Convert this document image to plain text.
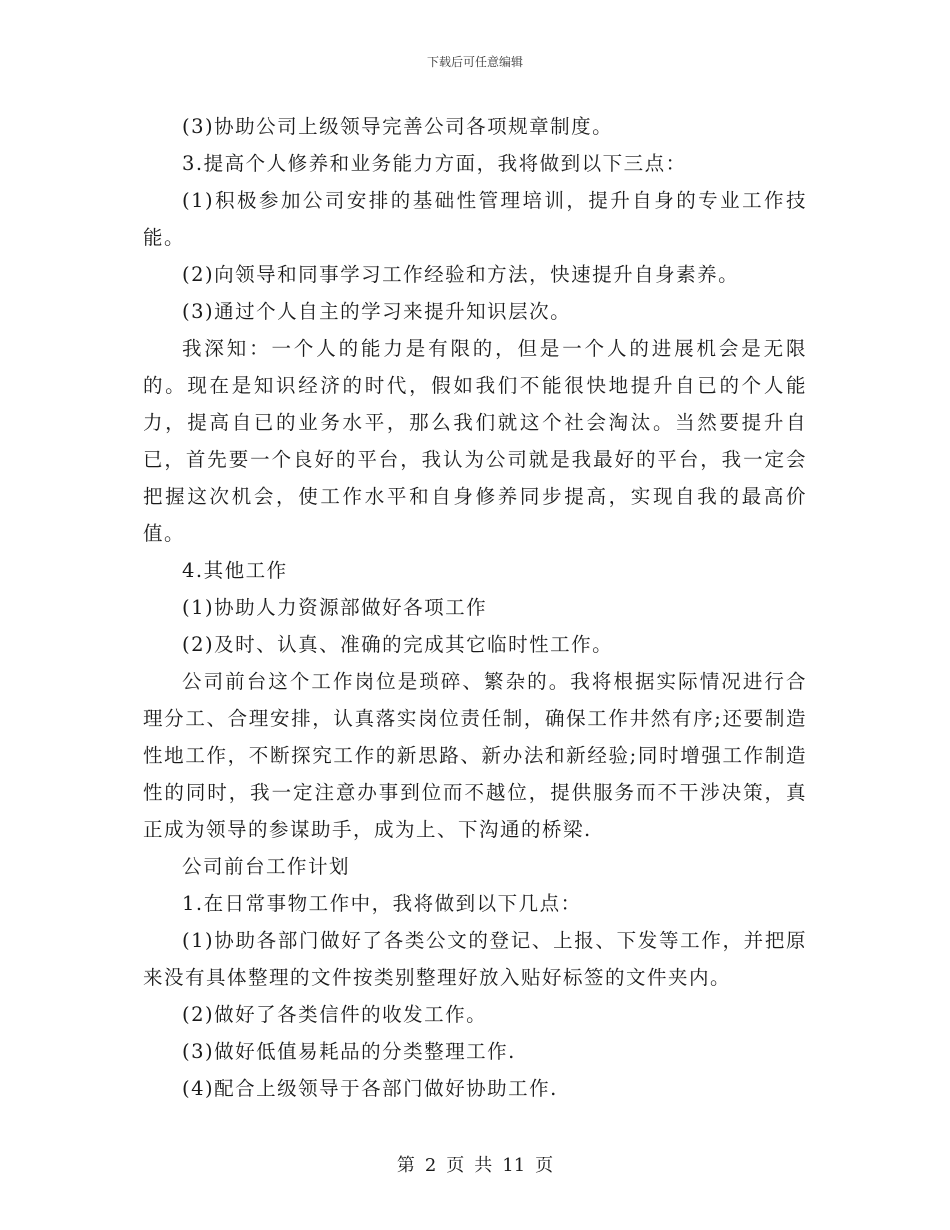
下载后可任意编辑

(3)协助公司上级领导完善公司各项规章制度。

3.提高个人修养和业务能力方面，我将做到以下三点：

(1)积极参加公司安排的基础性管理培训，提升自身的专业工作技能。

(2)向领导和同事学习工作经验和方法，快速提升自身素养。

(3)通过个人自主的学习来提升知识层次。

我深知：一个人的能力是有限的，但是一个人的进展机会是无限的。现在是知识经济的时代，假如我们不能很快地提升自已的个人能力，提高自已的业务水平，那么我们就这个社会淘汰。当然要提升自已，首先要一个良好的平台，我认为公司就是我最好的平台，我一定会把握这次机会，使工作水平和自身修养同步提高，实现自我的最高价值。

4.其他工作

(1)协助人力资源部做好各项工作

(2)及时、认真、准确的完成其它临时性工作。

公司前台这个工作岗位是琐碎、繁杂的。我将根据实际情况进行合理分工、合理安排，认真落实岗位责任制，确保工作井然有序;还要制造性地工作，不断探究工作的新思路、新办法和新经验;同时增强工作制造性的同时，我一定注意办事到位而不越位，提供服务而不干涉决策，真正成为领导的参谋助手，成为上、下沟通的桥梁.

公司前台工作计划

1.在日常事物工作中，我将做到以下几点：

(1)协助各部门做好了各类公文的登记、上报、下发等工作，并把原来没有具体整理的文件按类别整理好放入贴好标签的文件夹内。

(2)做好了各类信件的收发工作。

(3)做好低值易耗品的分类整理工作.

(4)配合上级领导于各部门做好协助工作.

第 2 页 共 11 页
